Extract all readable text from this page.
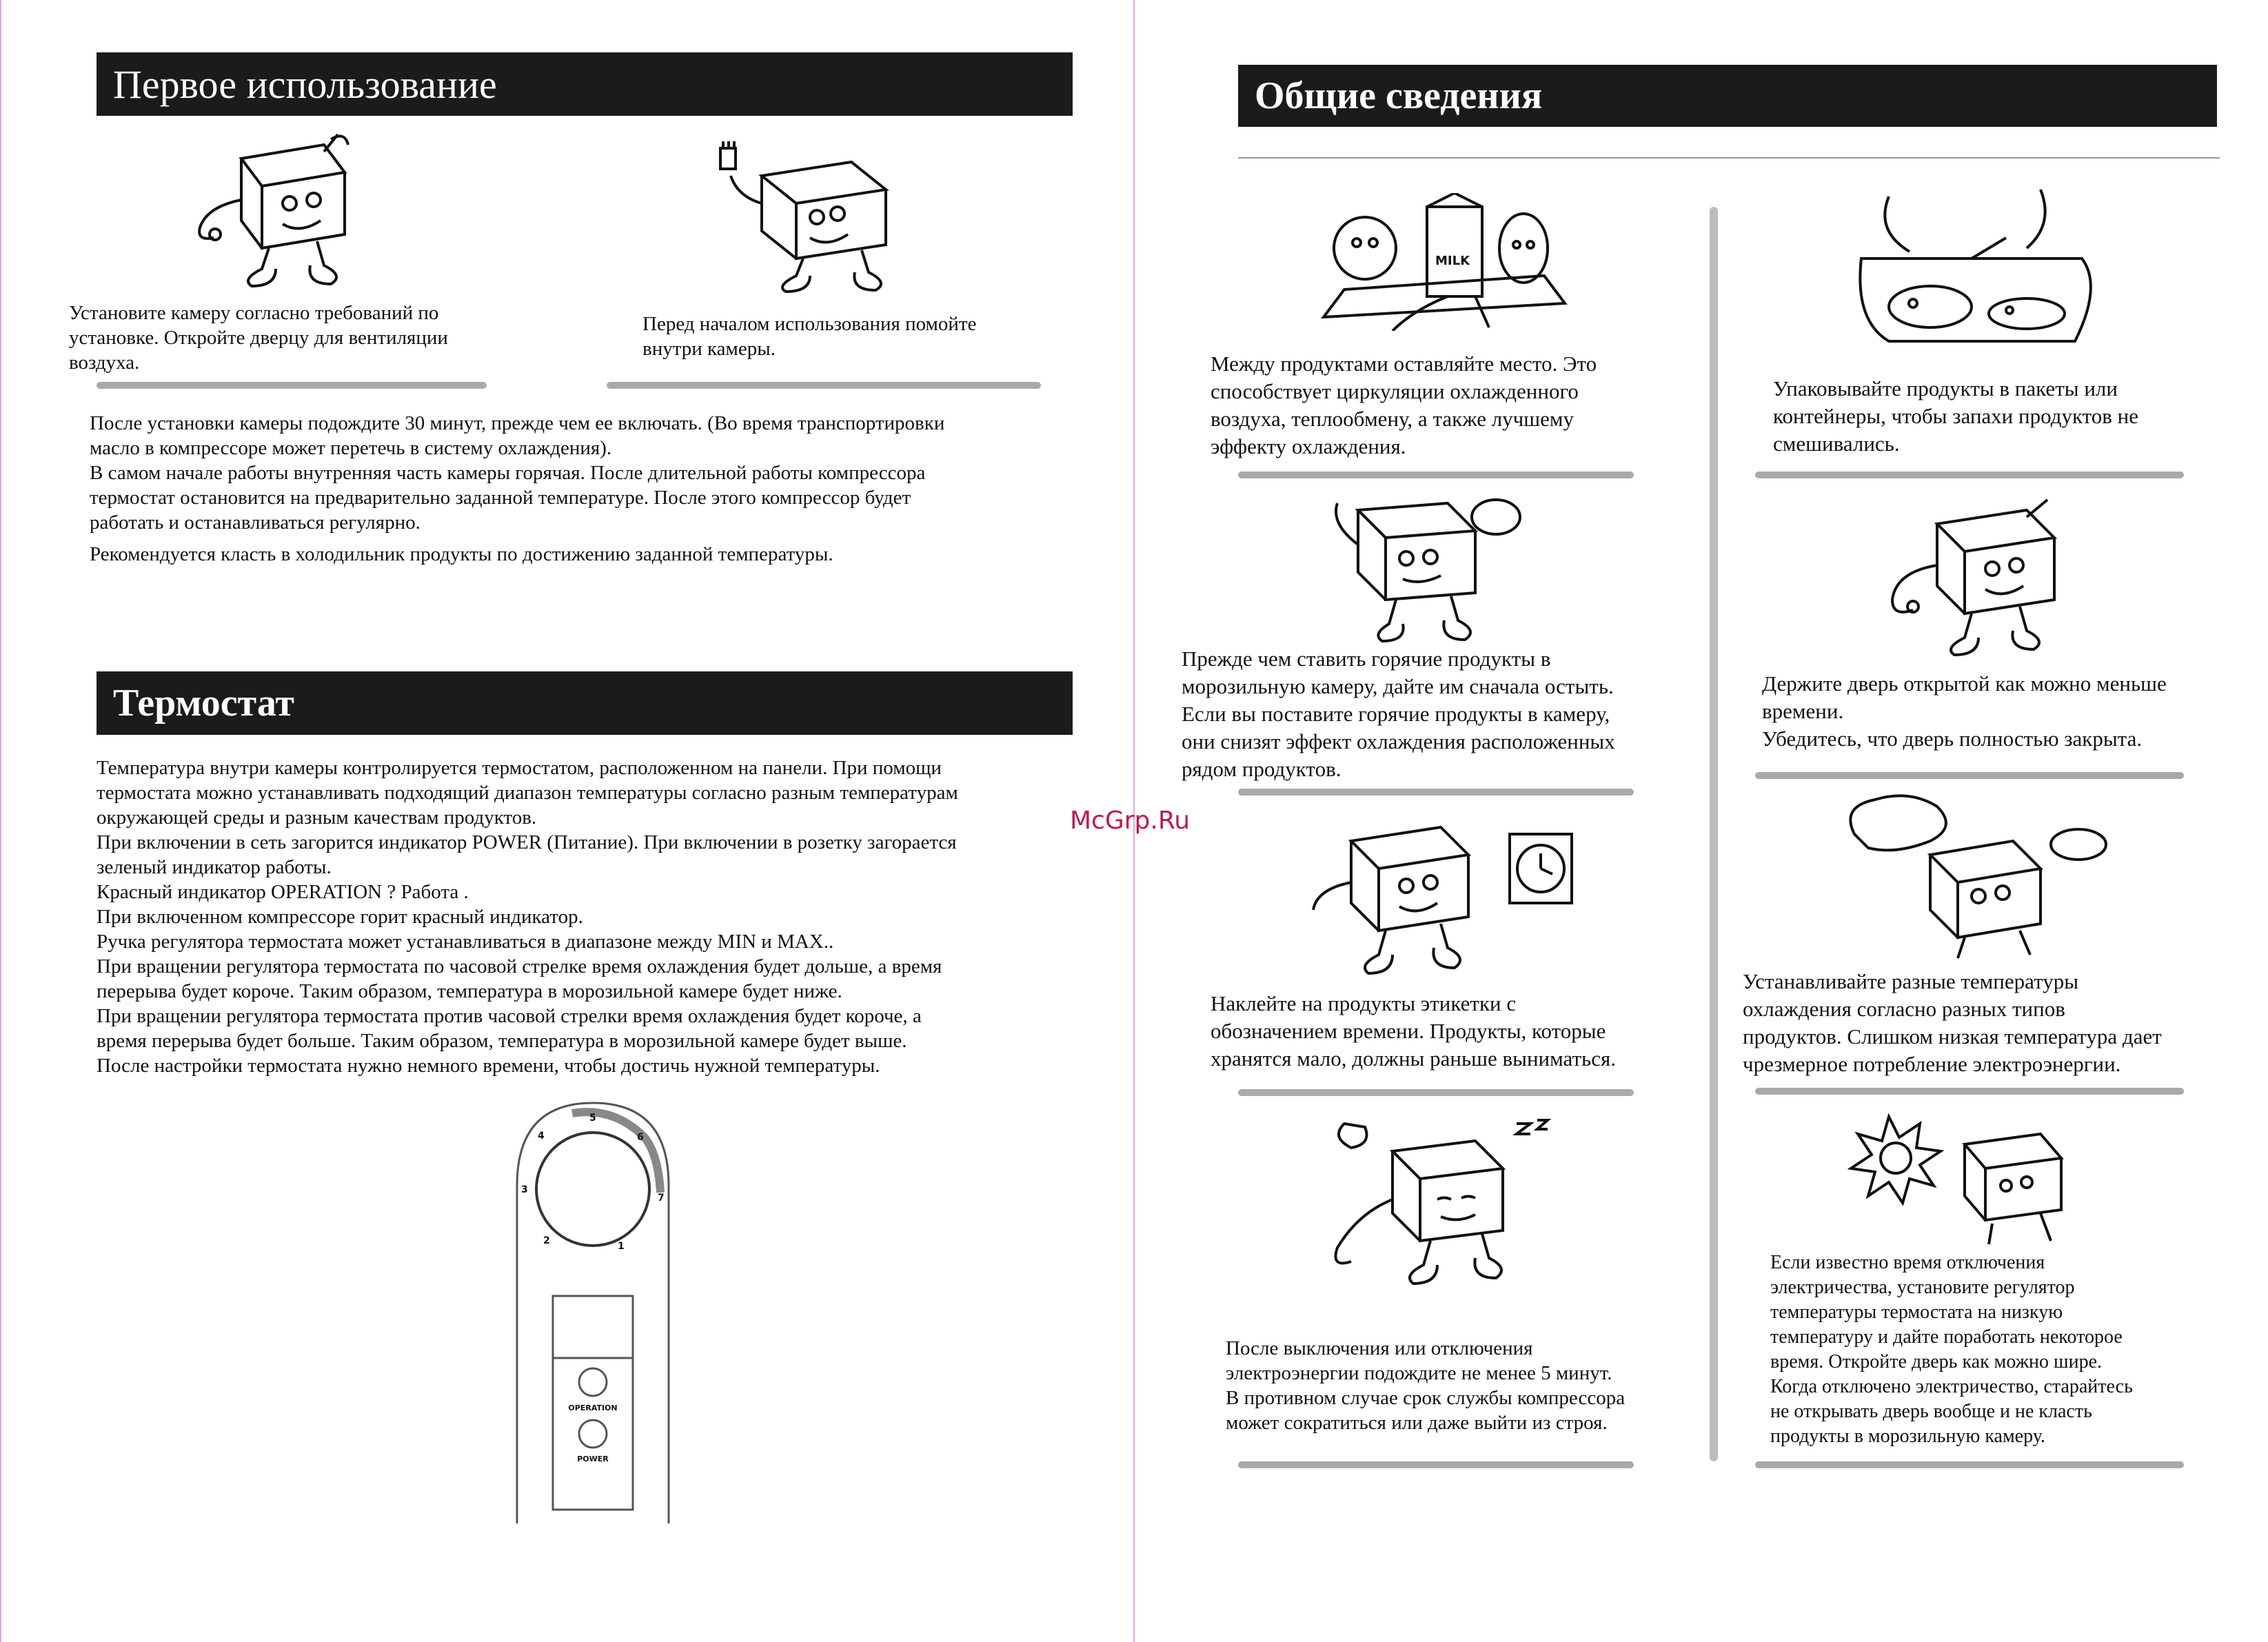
Первое использование
Установите камеру согласно требований по
установке. Откройте дверцу для вентиляции
воздуха.
Перед началом использования помойте
внутри камеры.
После установки камеры подождите 30 минут, прежде чем ее включать. (Во время транспортировки
масло в компрессоре может перетечь в систему охлаждения).
В самом начале работы внутренняя часть камеры горячая. После длительной работы компрессора
термостат остановится на предварительно заданной температуре. После этого компрессор будет
работать и останавливаться регулярно.
Рекомендуется класть в холодильник продукты по достижению заданной температуры.
Термостат
Температура внутри камеры контролируется термостатом, расположенном на панели. При помощи
термостата можно устанавливать подходящий диапазон температуры согласно разным температурам
окружающей среды и разным качествам продуктов.
При включении в сеть загорится индикатор POWER (Питание). При включении в розетку загорается
зеленый индикатор работы.
Красный индикатор OPERATION ? Работа .
При включенном компрессоре горит красный индикатор.
Ручка регулятора термостата может устанавливаться в диапазоне между MIN и MAX..
При вращении регулятора термостата по часовой стрелке время охлаждения будет дольше, а время
перерыва будет короче. Таким образом, температура в морозильной камере будет ниже.
При вращении регулятора термостата против часовой стрелки время охлаждения будет короче, а
время перерыва будет больше. Таким образом, температура в морозильной камере будет выше.
После настройки термостата нужно немного времени, чтобы достичь нужной температуры.
1
2
3
4
5
6
7
OPERATION
POWER
Общие сведения
MILK
Между продуктами оставляйте место. Это
способствует циркуляции охлажденного
воздуха, теплообмену, а также лучшему
эффекту охлаждения.
Упаковывайте продукты в пакеты или
контейнеры, чтобы запахи продуктов не
смешивались.
Прежде чем ставить горячие продукты в
морозильную камеру, дайте им сначала остыть.
Если вы поставите горячие продукты в камеру,
они снизят эффект охлаждения расположенных
рядом продуктов.
Держите дверь открытой как можно меньше
времени.
Убедитесь, что дверь полностью закрыта.
McGrp.Ru
Наклейте на продукты этикетки с
обозначением времени. Продукты, которые
хранятся мало, должны раньше выниматься.
Устанавливайте разные температуры
охлаждения согласно разных типов
продуктов. Слишком низкая температура дает
чрезмерное потребление электроэнергии.
После выключения или отключения
электроэнергии подождите не менее 5 минут.
В противном случае срок службы компрессора
может сократиться или даже выйти из строя.
Если известно время отключения
электричества, установите регулятор
температуры термостата на низкую
температуру и дайте поработать некоторое
время. Откройте дверь как можно шире.
Когда отключено электричество, старайтесь
не открывать дверь вообще и не класть
продукты в морозильную камеру.
